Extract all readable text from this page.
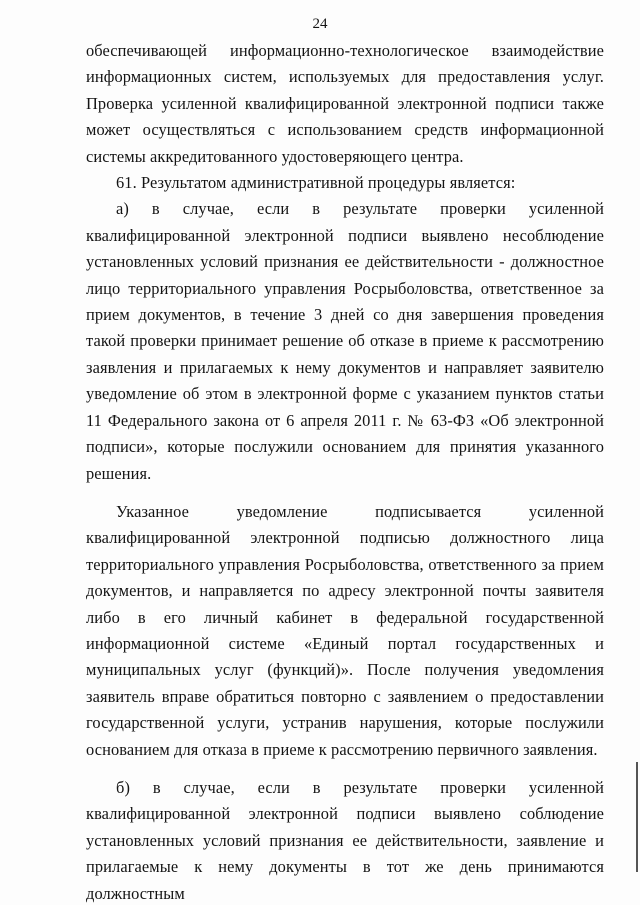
24

обеспечивающей информационно-технологическое взаимодействие информационных систем, используемых для предоставления услуг. Проверка усиленной квалифицированной электронной подписи также может осуществляться с использованием средств информационной системы аккредитованного удостоверяющего центра.

61. Результатом административной процедуры является:

а) в случае, если в результате проверки усиленной квалифицированной электронной подписи выявлено несоблюдение установленных условий признания ее действительности - должностное лицо территориального управления Росрыболовства, ответственное за прием документов, в течение 3 дней со дня завершения проведения такой проверки принимает решение об отказе в приеме к рассмотрению заявления и прилагаемых к нему документов и направляет заявителю уведомление об этом в электронной форме с указанием пунктов статьи 11 Федерального закона от 6 апреля 2011 г. № 63-ФЗ «Об электронной подписи», которые послужили основанием для принятия указанного решения.

Указанное уведомление подписывается усиленной квалифицированной электронной подписью должностного лица территориального управления Росрыболовства, ответственного за прием документов, и направляется по адресу электронной почты заявителя либо в его личный кабинет в федеральной государственной информационной системе «Единый портал государственных и муниципальных услуг (функций)». После получения уведомления заявитель вправе обратиться повторно с заявлением о предоставлении государственной услуги, устранив нарушения, которые послужили основанием для отказа в приеме к рассмотрению первичного заявления.

б) в случае, если в результате проверки усиленной квалифицированной электронной подписи выявлено соблюдение установленных условий признания ее действительности, заявление и прилагаемые к нему документы в тот же день принимаются должностным
